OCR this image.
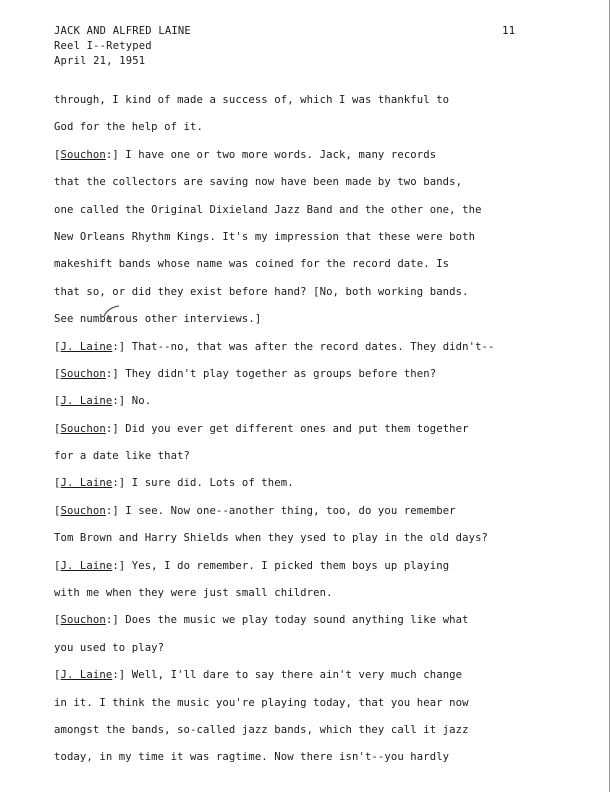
JACK AND ALFRED LAINE
Reel I--Retyped
April 21, 1951
11
through, I kind of made a success of, which I was thankful to
God for the help of it.
[Souchon:] I have one or two more words. Jack, many records
that the collectors are saving now have been made by two bands,
one called the Original Dixieland Jazz Band and the other one, the
New Orleans Rhythm Kings. It's my impression that these were both
makeshift bands whose name was coined for the record date. Is
that so, or did they exist before hand? [No, both working bands.
See numberous other interviews.]
[J. Laine:] That--no, that was after the record dates. They didn't--
[Souchon:] They didn't play together as groups before then?
[J. Laine:] No.
[Souchon:] Did you ever get different ones and put them together
for a date like that?
[J. Laine:] I sure did. Lots of them.
[Souchon:] I see. Now one--another thing, too, do you remember
Tom Brown and Harry Shields when they ysed to play in the old days?
[J. Laine:] Yes, I do remember. I picked them boys up playing
with me when they were just small children.
[Souchon:] Does the music we play today sound anything like what
you used to play?
[J. Laine:] Well, I'll dare to say there ain't very much change
in it. I think the music you're playing today, that you hear now
amongst the bands, so-called jazz bands, which they call it jazz
today, in my time it was ragtime. Now there isn't--you hardly
